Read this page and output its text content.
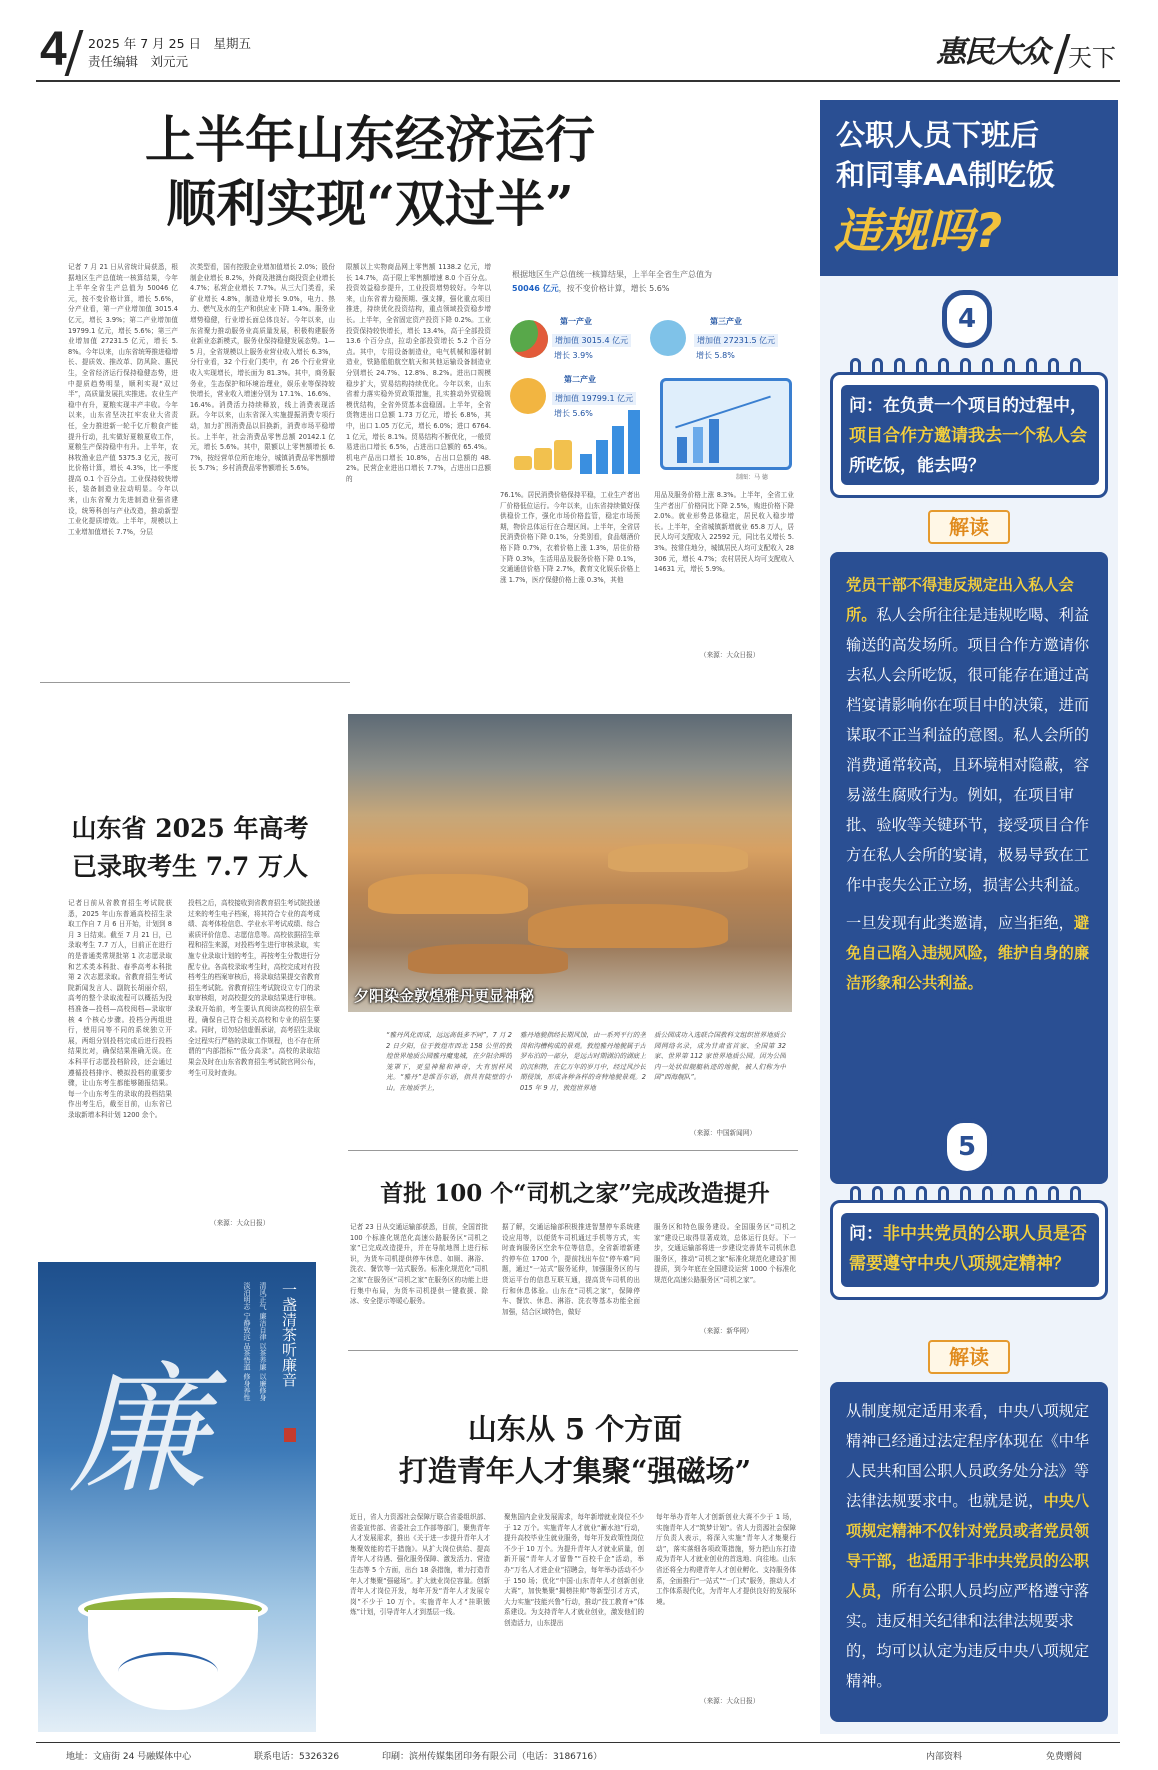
4 2025 年 7 月 25 日　星期五
责任编辑　刘元元	惠民大众 天下
上半年山东经济运行
顺利实现“双过半”
记者 7 月 21 日从省统计局获悉，根据地区生产总值统一核算结果，今年上半年全省生产总值为 50046 亿元，按不变价格计算，增长 5.6%，分产业看，第一产业增加值 3015.4 亿元，增长 3.9%；第二产业增加值 19799.1 亿元，增长 5.6%；第三产业增加值 27231.5 亿元，增长 5.8%。今年以来，山东省统筹推进稳增长、提质效、推改革、防风险、惠民生，全省经济运行保持稳健态势，进中提质趋势明显，顺利实现“双过半”，高质量发展扎实推进。农业生产稳中有升，夏粮实现丰产丰收。今年以来，山东省坚决扛牢农业大省责任，全力推进新一轮千亿斤粮食产能提升行动，扎实做好夏粮夏收工作，夏粮生产保持稳中有升。上半年，农林牧渔业总产值 5375.3 亿元，按可比价格计算，增长 4.3%，比一季度提高 0.1 个百分点。工业保持较快增长，装备制造业拉动明显。今年以来，山东省聚力先进制造业强省建设，统筹科创与产业改造，推动新型工业化提质增效。上半年，规模以上工业增加值增长 7.7%，分层
次类型看，国有控股企业增加值增长 2.0%；股份制企业增长 8.2%，外商及港澳台商投资企业增长 4.7%；私营企业增长 7.7%。从三大门类看，采矿业增长 4.8%，制造业增长 9.0%，电力、热力、燃气及水的生产和供应业下降 1.4%。服务业增势稳健，行业增长面总体良好。今年以来，山东省聚力推动服务业高质量发展，积极构建服务业新业态新模式，服务业保持稳健发展态势。1—5 月，全省规模以上服务业营业收入增长 6.3%，分行业看，32 个行业门类中，有 26 个行业营业收入实现增长，增长面为 81.3%。其中，商务服务业，生态保护和环境治理业，娱乐业等保持较快增长，营业收入增速分别为 17.1%、16.6%、16.4%。消费活力持续释放，线上消费表现活跃。今年以来，山东省深入实施提振消费专项行动，加力扩围消费品以旧换新，消费市场平稳增长。上半年，社会消费品零售总额 20142.1 亿元，增长 5.6%。其中，限额以上零售额增长 6.7%，按经营单位所在地分，城镇消费品零售额增长 5.7%；乡村消费品零售额增长 5.6%。
限额以上实物商品网上零售额 1138.2 亿元，增长 14.7%，高于限上零售额增速 8.0 个百分点。投资效益稳步提升，工业投资增势较好。今年以来，山东省着力稳预期、强支撑，强化重点项目推进，持续优化投资结构，重点领域投资稳步增长。上半年，全省固定资产投资下降 0.2%。工业投资保持较快增长，增长 13.4%，高于全部投资 13.6 个百分点，拉动全部投资增长 5.2 个百分点。其中，专用设备制造业，电气机械和器材制造业，铁路船舶航空航天和其他运输设备制造业分别增长 24.7%、12.8%、8.2%。进出口规模稳步扩大，贸易结构持续优化。今年以来，山东省着力落实稳外贸政策措施，扎实推动外贸稳规模优结构，全省外贸基本盘稳固。上半年，全省货物进出口总额 1.73 万亿元，增长 6.8%，其中，出口 1.05 万亿元，增长 6.0%；进口 6764.1 亿元，增长 8.1%。贸易结构不断优化，一般贸易进出口增长 6.5%，占进出口总额的 65.4%。机电产品出口增长 10.8%，占出口总额的 48.2%。民营企业进出口增长 7.7%，占进出口总额的
76.1%。居民消费价格保持平稳，工业生产者出厂价格低位运行。今年以来，山东省持续做好保供稳价工作，强化市场价格监管，稳定市场预期，物价总体运行在合理区间。上半年，全省居民消费价格下降 0.1%，分类别看，食品烟酒价格下降 0.7%，衣着价格上涨 1.3%，居住价格下降 0.3%，生活用品及服务价格下降 0.1%，交通通信价格下降 2.7%，教育文化娱乐价格上涨 1.7%，医疗保健价格上涨 0.3%，其他
用品及服务价格上涨 8.3%。上半年，全省工业生产者出厂价格同比下降 2.5%，购进价格下降 2.0%。就业形势总体稳定，居民收入稳步增长。上半年，全省城镇新增就业 65.8 万人，居民人均可支配收入 22592 元，同比名义增长 5.3%。按常住地分，城镇居民人均可支配收入 28306 元，增长 4.7%；农村居民人均可支配收入 14631 元，增长 5.9%。
（来源：大众日报）
根据地区生产总值统一核算结果，上半年全省生产总值为
50046 亿元，按不变价格计算，增长 5.6%
第一产业
增加值 3015.4 亿元
增长 3.9%
第三产业
增加值 27231.5 亿元
增长 5.8%
第二产业
增加值 19799.1 亿元
增长 5.6%
制图：马 德
山东省 2025 年高考
已录取考生 7.7 万人
记者日前从省教育招生考试院获悉，2025 年山东普通高校招生录取工作自 7 月 6 日开始，计划到 8 月 3 日结束。截至 7 月 21 日，已录取考生 7.7 万人，目前正在进行的是普通类常规批第 1 次志愿录取和艺术类本科批、春季高考本科批第 2 次志愿录取。省教育招生考试院新闻发言人、副院长胡丽介绍，高考的整个录取流程可以概括为投档准备—投档—高校阅档—录取审核 4 个核心步骤。投档分两组进行，使用同等不同的系统独立开展，两组分别投档完成后进行投档结果比对，确保结果准确无误。在本科平行志愿投档阶段，还会通过遵循投档排序、模拟投档的重要步骤，让山东考生都能够随报结果。每一个山东考生的录取的投档结果作出考生后，截至目前，山东省已录取新增本科计划 1200 余个。
投档之后，高校接收到省教育招生考试院投递过来的考生电子档案，将其符合专业的高考成绩、高考体检信息、学业水平考试成绩、综合素质评价信息、志愿信息等。高校依据招生章程和招生来源，对投档考生进行审核录取，实施专业录取计划的考生，再按考生分数进行分配专业。各高校录取考生时，高校完成对有投档考生的档案审核后，将录取结果提交省教育招生考试院。省教育招生考试院设立专门的录取审核组，对高校提交的录取结果进行审核。录取开始前，考生要认真阅读高校的招生章程，确保自己符合相关高校和专业的招生要求。同时，切勿轻信虚假承诺，高考招生录取全过程实行严格的录取工作规程，也不存在所谓的“内部指标”“低分高录”。高校的录取结果会及时在山东省教育招生考试院官网公布，考生可及时查询。
（来源：大众日报）
夕阳染金敦煌雅丹更显神秘
“雅丹风化而成，远远高低多不同”，7 月 22 日夕阳，位于敦煌市西北 158 公里的敦煌世界地质公园雅丹魔鬼城，在夕阳余晖的笼罩下，更显神秘和神奇，大有别样风光。“雅丹”是维吾尔语，指具有陡壁的小山。在地质学上，
雅丹地貌指经长期风蚀，由一系列平行的垄岗和沟槽构成的景观。敦煌雅丹地貌属于古罗布泊的一部分，是远古时期湖泊的湖底上的沉积物，在亿万年的岁月中，经过风沙长期侵蚀，形成各种各样的奇特地貌景观。2015 年 9 月，敦煌世界地
质公园成功入选联合国教科文组织世界地质公园网络名录，成为甘肃省首家、全国第 32 家、世界第 112 家世界地质公园。因为公园内一处状似舰艇轨迹的地貌，被人们称为中国“西海舰队”。
（来源：中国新闻网）
首批 100 个“司机之家”完成改造提升
记者 23 日从交通运输部获悉，目前，全国首批 100 个标准化规范化高速公路服务区“司机之家”已完成改造提升，并在导航地图上进行标识，为货车司机提供停车休息、如厕、淋浴、洗衣、餐饮等一站式服务。标准化规范化“司机之家”在服务区“司机之家”在服务区的功能上进行集中布局，为货车司机提供一键救援、除冰、安全提示等暖心服务。
据了解，交通运输部积极推进智慧停车系统建设应用等，以便货车司机通过手机等方式，实时查询服务区空余车位等信息，全省新增新建约停车位 1700 个，提前找出车位“停车难”问题，通过“一站式”服务延伸，加强服务区的与货运平台的信息互联互通，提高货车司机的出行和休息体验。山东在“司机之家”，保障停车、餐饮、休息、淋浴、洗衣等基本功能全面加强，结合区域特色，做好
服务区和特色服务建设。全国服务区“司机之家”建设已取得显著成效，总体运行良好。下一步，交通运输部将进一步建设完善货车司机休息服务区，推动“司机之家”标准化规范化建设扩围提质，到今年底在全国建设运营 1000 个标准化规范化高速公路服务区“司机之家”。
（来源：新华网）
山东从 5 个方面
打造青年人才集聚“强磁场”
近日，省人力资源社会保障厅联合省委组织部、省委宣传部、省委社会工作部等部门，聚焦青年人才发展需求，推出《关于进一步提升青年人才集聚效能的若干措施》。从扩大岗位供给、提高青年人才待遇、强化服务保障、激发活力、营造生态等 5 个方面，出台 18 条措施，着力打造青年人才集聚“强磁场”。扩大就业岗位容量。创新青年人才岗位开发，每年开发“青年人才发展专岗”不少于 10 万个。实施青年人才“挂职锻炼”计划，引导青年人才到基层一线。
聚焦国内企业发展需求，每年新增就业岗位不少于 12 万个。实施青年人才就业“蓄水池”行动，提升高校毕业生就业服务，每年开发政策性岗位不少于 10 万个。为提升青年人才就业质量，创新开展“青年人才留鲁”“百校千企”活动，举办“万名人才进企业”招聘会，每年举办活动不少于 150 场；优化“中国·山东青年人才创新创业大赛”，加快集聚“揭榜挂帅”等新型引才方式，大力实施“技能兴鲁”行动，推动“技工教育+”体系建设。为支持青年人才就业创业，激发他们的创造活力，山东提出
每年举办青年人才创新创业大赛不少于 1 场，实施青年人才“筑梦计划”。省人力资源社会保障厅负责人表示，将深入实施“青年人才集聚行动”，落实落细各项政策措施，努力把山东打造成为青年人才就业创业的首选地、向往地。山东省还将全力构建青年人才创业孵化、支持服务体系，全面推行“一站式”“一门式”服务，推动人才工作体系现代化，为青年人才提供良好的发展环境。
（来源：大众日报）
一盏清茶听廉音
清风正气 廉洁自律 以茶养廉 以廉修身
淡泊明志 宁静致远 品茶悟道 修身养性
廉
公职人员下班后
和同事AA制吃饭
违规吗?
4
问：在负责一个项目的过程中，
项目合作方邀请我去一个私人会
所吃饭，能去吗？
解读
党员干部不得违反规定出入私人会所。私人会所往往是违规吃喝、利益输送的高发场所。项目合作方邀请你去私人会所吃饭，很可能存在通过高档宴请影响你在项目中的决策，进而谋取不正当利益的意图。私人会所的消费通常较高，且环境相对隐蔽，容易滋生腐败行为。例如，在项目审批、验收等关键环节，接受项目合作方在私人会所的宴请，极易导致在工作中丧失公正立场，损害公共利益。
一旦发现有此类邀请，应当拒绝，避免自己陷入违规风险，维护自身的廉洁形象和公共利益。
5
问：非中共党员的公职人员是否需要遵守中央八项规定精神？
解读
从制度规定适用来看，中央八项规定精神已经通过法定程序体现在《中华人民共和国公职人员政务处分法》等法律法规要求中。也就是说，中央八项规定精神不仅针对党员或者党员领导干部，也适用于非中共党员的公职人员，所有公职人员均应严格遵守落实。违反相关纪律和法律法规要求的，均可以认定为违反中央八项规定精神。
地址：文庙街 24 号融媒体中心	联系电话：5326326	印刷：滨州传媒集团印务有限公司（电话：3186716）	内部资料	免费赠阅
